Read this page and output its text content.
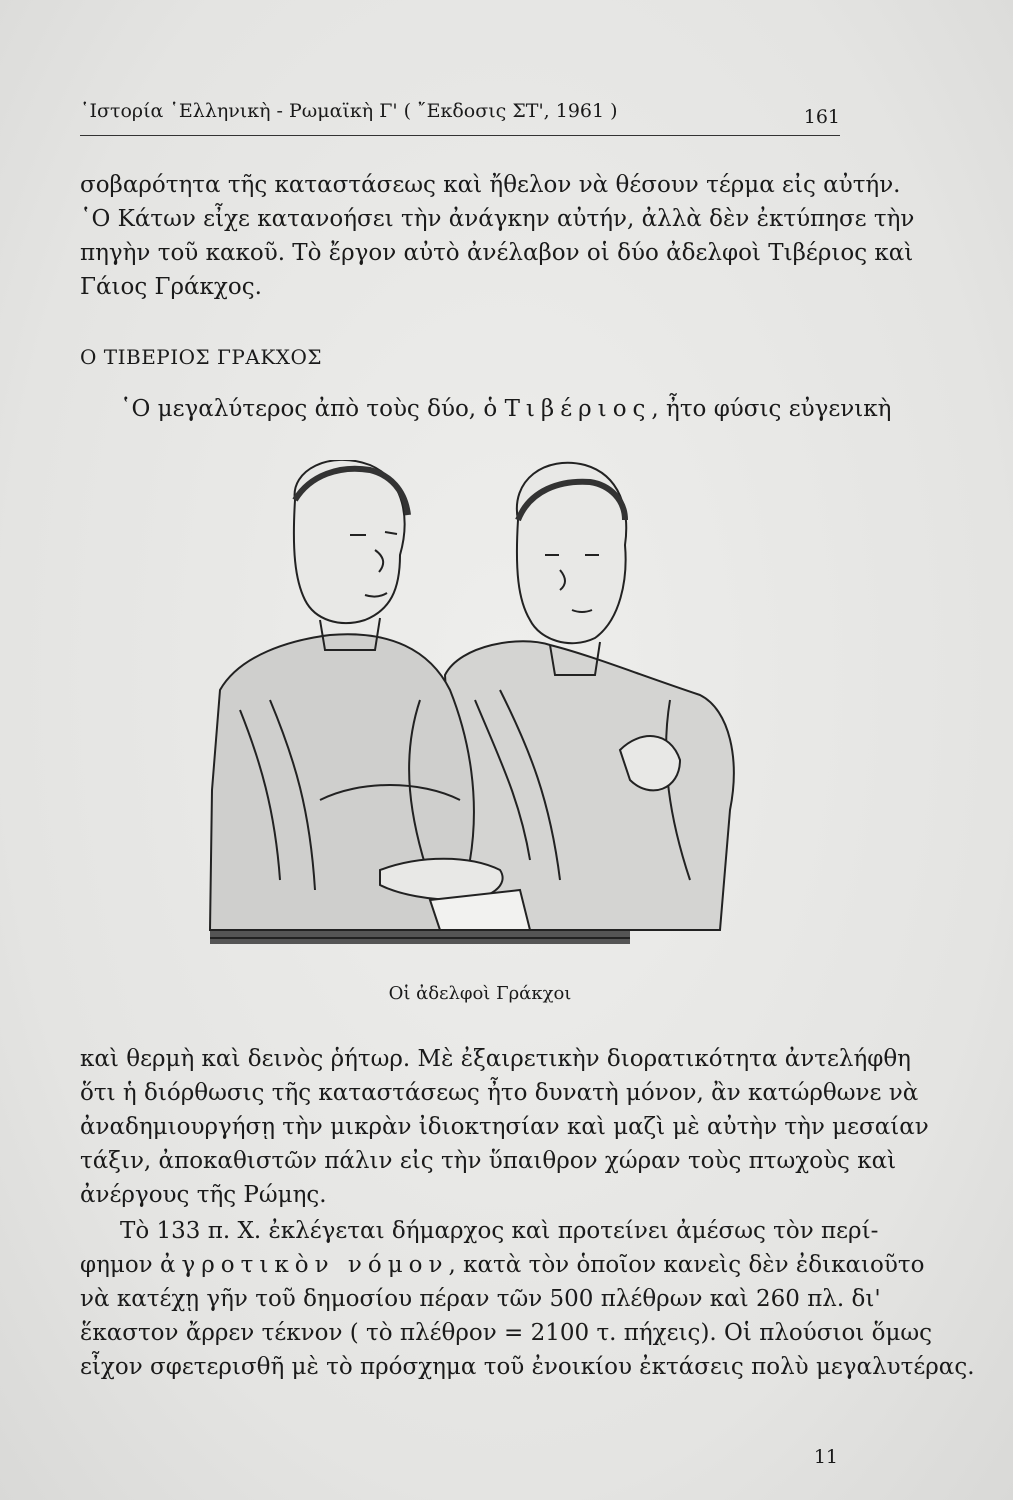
῾Ιστορία ῾Ελληνικὴ - Ρωμαϊκὴ Γ' ( ῎Εκδοσις ΣΤ', 1961 )	161
σοβαρότητα τῆς καταστάσεως καὶ ἤθελον νὰ θέσουν τέρμα εἰς αὐτήν.
῾Ο Κάτων εἶχε κατανοήσει τὴν ἀνάγκην αὐτήν, ἀλλὰ δὲν ἐκτύπησε τὴν
πηγὴν τοῦ κακοῦ. Τὸ ἔργον αὐτὸ ἀνέλαβον οἱ δύο ἀδελφοὶ Τιβέριος καὶ
Γάιος Γράκχος.
Ο ΤΙΒΕΡΙΟΣ ΓΡΑΚΧΟΣ
῾Ο μεγαλύτερος ἀπὸ τοὺς δύο, ὁ Τιβέριος, ἦτο φύσις εὐγενικὴ
Οἱ ἀδελφοὶ Γράκχοι
καὶ θερμὴ καὶ δεινὸς ῥήτωρ. Μὲ ἐξαιρετικὴν διορατικότητα ἀντελήφθη
ὅτι ἡ διόρθωσις τῆς καταστάσεως ἦτο δυνατὴ μόνον, ἂν κατώρθωνε νὰ
ἀναδημιουργήσῃ τὴν μικρὰν ἰδιοκτησίαν καὶ μαζὶ μὲ αὐτὴν τὴν μεσαίαν
τάξιν, ἀποκαθιστῶν πάλιν εἰς τὴν ὕπαιθρον χώραν τοὺς πτωχοὺς καὶ
ἀνέργους τῆς Ρώμης.
Τὸ 133 π. Χ. ἐκλέγεται δήμαρχος καὶ προτείνει ἀμέσως τὸν περί-
φημον ἀγροτικὸν νόμον, κατὰ τὸν ὁποῖον κανεὶς δὲν ἐδικαιοῦτο
νὰ κατέχῃ γῆν τοῦ δημοσίου πέραν τῶν 500 πλέθρων καὶ 260 πλ. δι'
ἕκαστον ἄρρεν τέκνον ( τὸ πλέθρον = 2100 τ. πήχεις). Οἱ πλούσιοι ὅμως
εἶχον σφετερισθῆ μὲ τὸ πρόσχημα τοῦ ἐνοικίου ἐκτάσεις πολὺ μεγαλυτέρας.
11
